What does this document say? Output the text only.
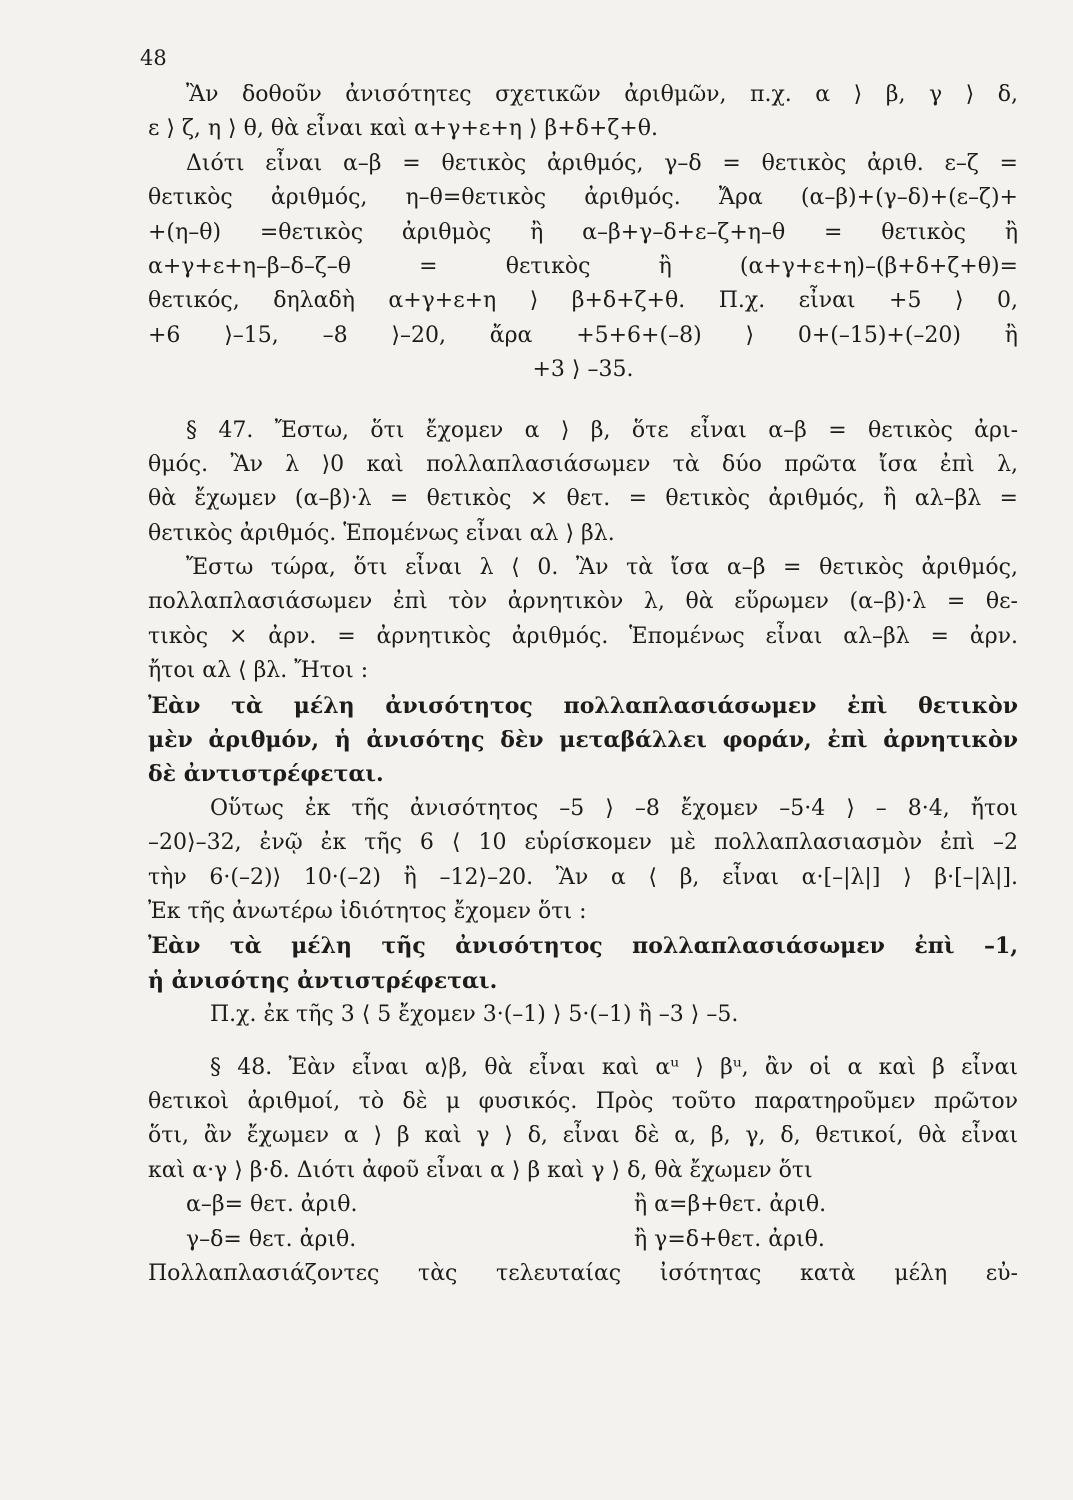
48
Ἂν δοθοῦν ἀνισότητες σχετικῶν ἀριθμῶν, π.χ. α ⟩ β, γ ⟩ δ,
ε ⟩ ζ, η ⟩ θ, θὰ εἶναι καὶ α+γ+ε+η ⟩ β+δ+ζ+θ.
Διότι εἶναι α–β = θετικὸς ἀριθμός, γ–δ = θετικὸς ἀριθ. ε–ζ =
θετικὸς ἀριθμός, η–θ=θετικὸς ἀριθμός. Ἄρα (α–β)+(γ–δ)+(ε–ζ)+
+(η–θ) =θετικὸς ἀριθμὸς ἢ α–β+γ–δ+ε–ζ+η–θ = θετικὸς ἢ
α+γ+ε+η–β–δ–ζ–θ = θετικὸς ἢ (α+γ+ε+η)–(β+δ+ζ+θ)=
θετικός, δηλαδὴ α+γ+ε+η ⟩ β+δ+ζ+θ. Π.χ. εἶναι +5 ⟩ 0,
+6 ⟩–15, –8 ⟩–20, ἄρα +5+6+(–8) ⟩ 0+(–15)+(–20) ἢ
+3 ⟩ –35.
§ 47. Ἔστω, ὅτι ἔχομεν α ⟩ β, ὅτε εἶναι α–β = θετικὸς ἀρι-
θμός. Ἂν λ ⟩0 καὶ πολλαπλασιάσωμεν τὰ δύο πρῶτα ἴσα ἐπὶ λ,
θὰ ἔχωμεν (α–β)·λ = θετικὸς × θετ. = θετικὸς ἀριθμός, ἢ αλ–βλ =
θετικὸς ἀριθμός. Ἑπομένως εἶναι αλ ⟩ βλ.
Ἔστω τώρα, ὅτι εἶναι λ ⟨ 0. Ἂν τὰ ἴσα α–β = θετικὸς ἀριθμός,
πολλαπλασιάσωμεν ἐπὶ τὸν ἀρνητικὸν λ, θὰ εὕρωμεν (α–β)·λ = θε-
τικὸς × ἀρν. = ἀρνητικὸς ἀριθμός. Ἑπομένως εἶναι αλ–βλ = ἀρν.
ἤτοι αλ ⟨ βλ. Ἤτοι :
Ἐὰν τὰ μέλη ἀνισότητος πολλαπλασιάσωμεν ἐπὶ θετικὸν
μὲν ἀριθμόν, ἡ ἀνισότης δὲν μεταβάλλει φοράν, ἐπὶ ἀρνητικὸν
δὲ ἀντιστρέφεται.
Οὕτως ἐκ τῆς ἀνισότητος –5 ⟩ –8 ἔχομεν –5·4 ⟩ – 8·4, ἤτοι
–20⟩–32, ἐνῷ ἐκ τῆς 6 ⟨ 10 εὑρίσκομεν μὲ πολλαπλασιασμὸν ἐπὶ –2
τὴν 6·(–2)⟩ 10·(–2) ἢ –12⟩–20. Ἂν α ⟨ β, εἶναι α·[–|λ|] ⟩ β·[–|λ|].
Ἐκ τῆς ἀνωτέρω ἰδιότητος ἔχομεν ὅτι :
Ἐὰν τὰ μέλη τῆς ἀνισότητος πολλαπλασιάσωμεν ἐπὶ –1,
ἡ ἀνισότης ἀντιστρέφεται.
Π.χ. ἐκ τῆς 3 ⟨ 5 ἔχομεν 3·(–1) ⟩ 5·(–1) ἢ –3 ⟩ –5.
§ 48. Ἐὰν εἶναι α⟩β, θὰ εἶναι καὶ αᵘ ⟩ βᵘ, ἂν οἱ α καὶ β εἶναι
θετικοὶ ἀριθμοί, τὸ δὲ μ φυσικός. Πρὸς τοῦτο παρατηροῦμεν πρῶτον
ὅτι, ἂν ἔχωμεν α ⟩ β καὶ γ ⟩ δ, εἶναι δὲ α, β, γ, δ, θετικοί, θὰ εἶναι
καὶ α·γ ⟩ β·δ. Διότι ἀφοῦ εἶναι α ⟩ β καὶ γ ⟩ δ, θὰ ἔχωμεν ὅτι
α–β= θετ. ἀριθ.	ἢ α=β+θετ. ἀριθ.
γ–δ= θετ. ἀριθ.	ἢ γ=δ+θετ. ἀριθ.
Πολλαπλασιάζοντες τὰς τελευταίας ἰσότητας κατὰ μέλη εὐ-
